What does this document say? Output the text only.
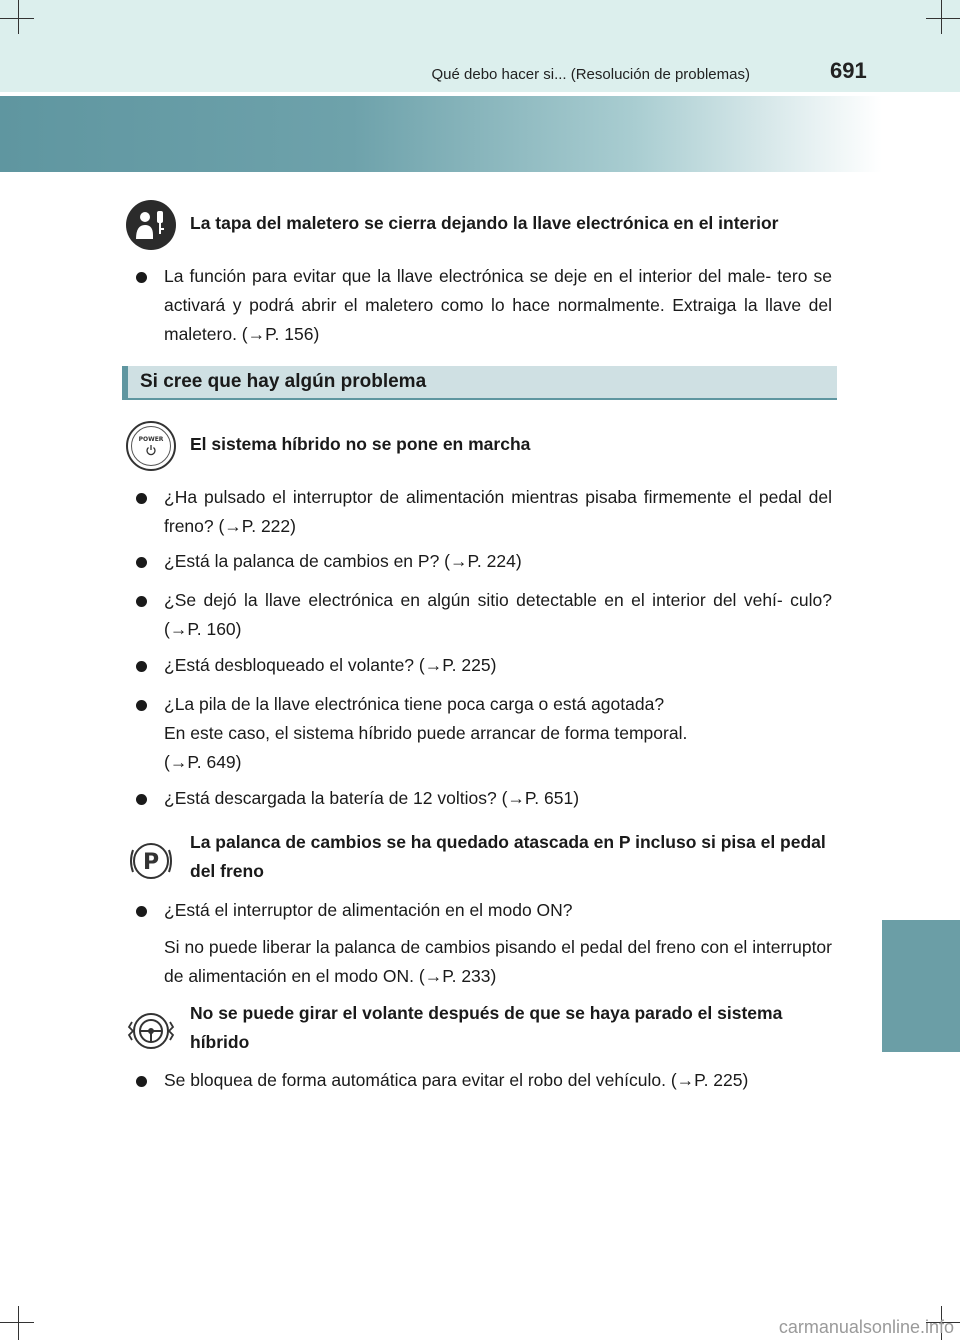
Qué debo hacer si... (Resolución de problemas)	691
La tapa del maletero se cierra dejando la llave electrónica en el interior
La función para evitar que la llave electrónica se deje en el interior del male- tero se activará y podrá abrir el maletero como lo hace normalmente. Extraiga la llave del maletero. (→P. 156)
Si cree que hay algún problema
POWER El sistema híbrido no se pone en marcha
¿Ha pulsado el interruptor de alimentación mientras pisaba firmemente el pedal del freno? (→P. 222)
¿Está la palanca de cambios en P? (→P. 224)
¿Se dejó la llave electrónica en algún sitio detectable en el interior del vehí- culo? (→P. 160)
¿Está desbloqueado el volante? (→P. 225)
¿La pila de la llave electrónica tiene poca carga o está agotada?
En este caso, el sistema híbrido puede arrancar de forma temporal.
(→P. 649)
¿Está descargada la batería de 12 voltios? (→P. 651)
P
La palanca de cambios se ha quedado atascada en P incluso si pisa el pedal del freno
¿Está el interruptor de alimentación en el modo ON?
Si no puede liberar la palanca de cambios pisando el pedal del freno con el interruptor de alimentación en el modo ON. (→P. 233)
No se puede girar el volante después de que se haya parado el sistema híbrido
Se bloquea de forma automática para evitar el robo del vehículo. (→P. 225)
carmanualsonline.info
